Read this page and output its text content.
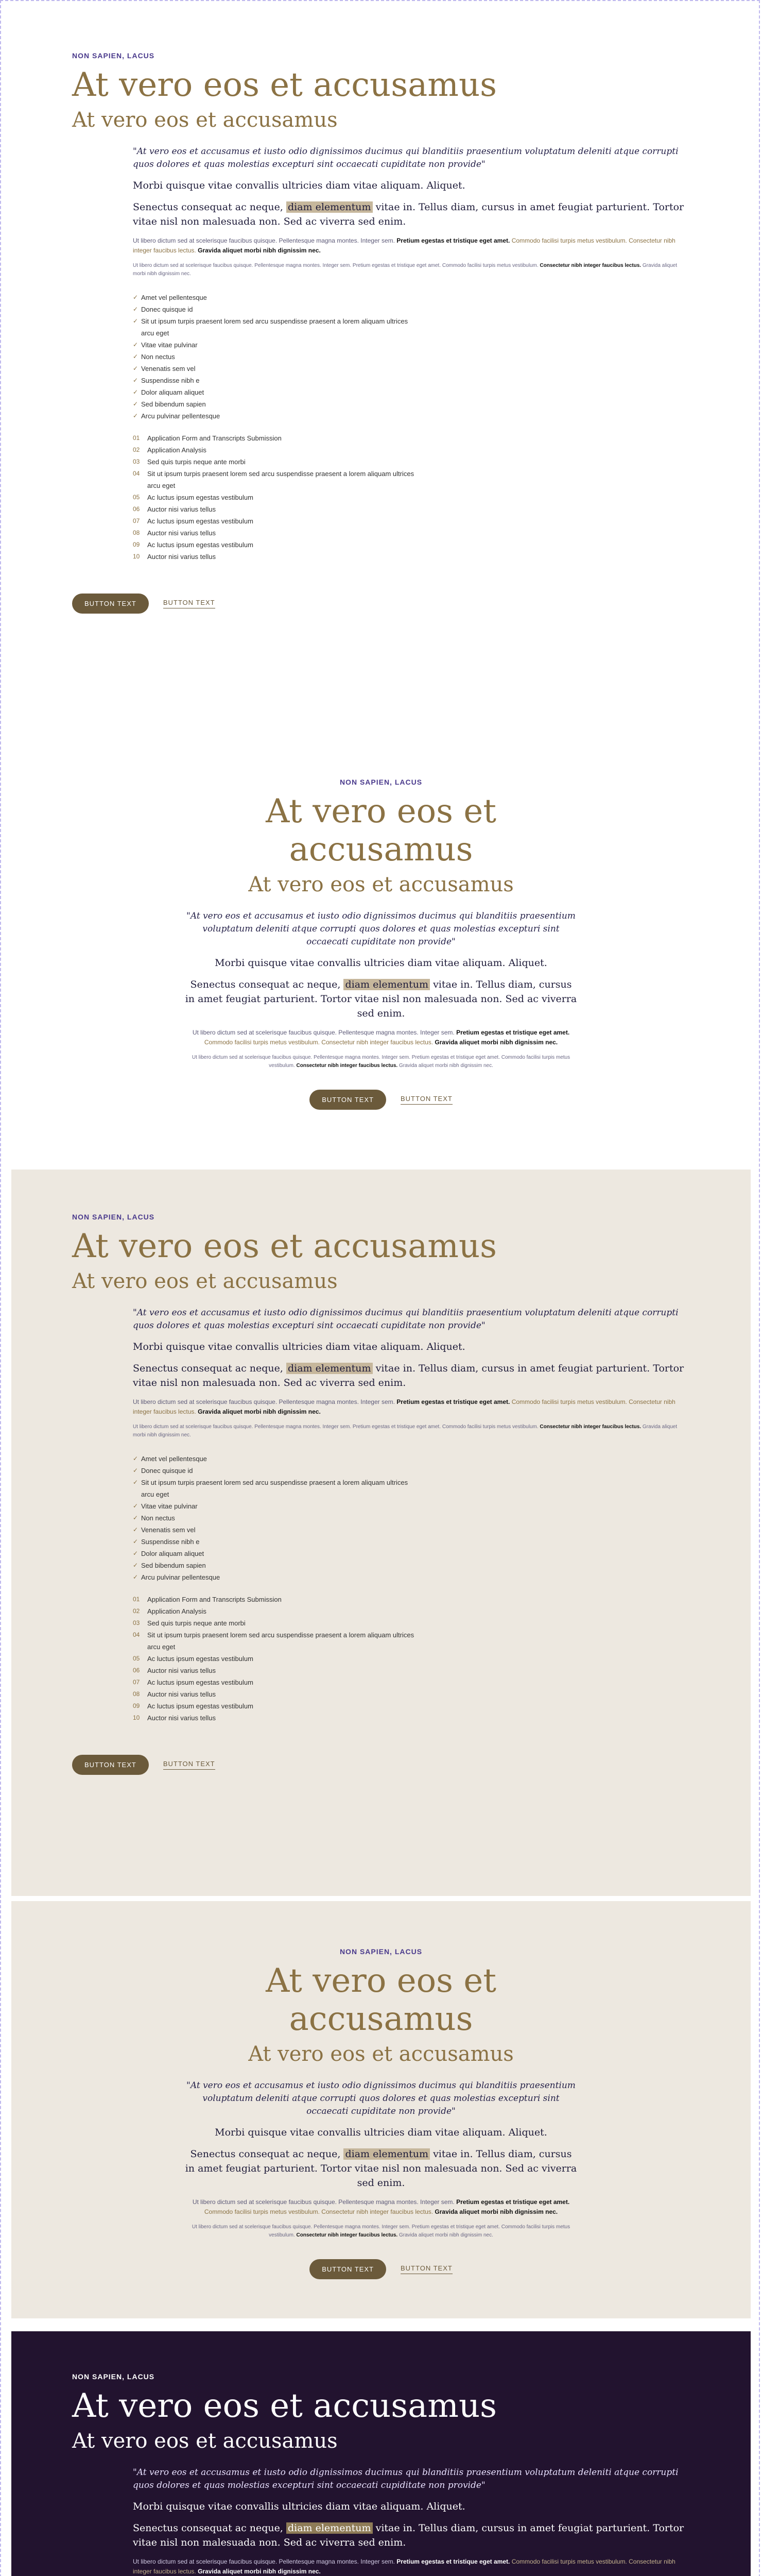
NON SAPIEN, LACUS
At vero eos et accusamus
At vero eos et accusamus
"At vero eos et accusamus et iusto odio dignissimos ducimus qui blanditiis praesentium voluptatum deleniti atque corrupti quos dolores et quas molestias excepturi sint occaecati cupiditate non provide"
Morbi quisque vitae convallis ultricies diam vitae aliquam. Aliquet.
Senectus consequat ac neque, diam elementum vitae in. Tellus diam, cursus in amet feugiat parturient. Tortor vitae nisl non malesuada non. Sed ac viverra sed enim.
Ut libero dictum sed at scelerisque faucibus quisque. Pellentesque magna montes. Integer sem. Pretium egestas et tristique eget amet. Commodo facilisi turpis metus vestibulum. Consectetur nibh integer faucibus lectus. Gravida aliquet morbi nibh dignissim nec.
Ut libero dictum sed at scelerisque faucibus quisque. Pellentesque magna montes. Integer sem. Pretium egestas et tristique eget amet. Commodo facilisi turpis metus vestibulum. Consectetur nibh integer faucibus lectus. Gravida aliquet morbi nibh dignissim nec.
✓ Amet vel pellentesque
✓ Donec quisque id
✓ Sit ut ipsum turpis praesent lorem sed arcu suspendisse praesent a lorem aliquam ultrices arcu eget
✓ Vitae vitae pulvinar
✓ Non nectus
✓ Venenatis sem vel
✓ Suspendisse nibh e
✓ Dolor aliquam aliquet
✓ Sed bibendum sapien
✓ Arcu pulvinar pellentesque
01 Application Form and Transcripts Submission
02 Application Analysis
03 Sed quis turpis neque ante morbi
04 Sit ut ipsum turpis praesent lorem sed arcu suspendisse praesent a lorem aliquam ultrices arcu eget
05 Ac luctus ipsum egestas vestibulum
06 Auctor nisi varius tellus
07 Ac luctus ipsum egestas vestibulum
08 Auctor nisi varius tellus
09 Ac luctus ipsum egestas vestibulum
10 Auctor nisi varius tellus
BUTTON TEXT	BUTTON TEXT
NON SAPIEN, LACUS
At vero eos et accusamus
At vero eos et accusamus
"At vero eos et accusamus et iusto odio dignissimos ducimus qui blanditiis praesentium voluptatum deleniti atque corrupti quos dolores et quas molestias excepturi sint occaecati cupiditate non provide"
Morbi quisque vitae convallis ultricies diam vitae aliquam. Aliquet.
Senectus consequat ac neque, diam elementum vitae in. Tellus diam, cursus in amet feugiat parturient. Tortor vitae nisl non malesuada non. Sed ac viverra sed enim.
Ut libero dictum sed at scelerisque faucibus quisque. Pellentesque magna montes. Integer sem. Pretium egestas et tristique eget amet. Commodo facilisi turpis metus vestibulum. Consectetur nibh integer faucibus lectus. Gravida aliquet morbi nibh dignissim nec.
Ut libero dictum sed at scelerisque faucibus quisque. Pellentesque magna montes. Integer sem. Pretium egestas et tristique eget amet. Commodo facilisi turpis metus vestibulum. Consectetur nibh integer faucibus lectus. Gravida aliquet morbi nibh dignissim nec.
BUTTON TEXT	BUTTON TEXT
NON SAPIEN, LACUS
At vero eos et accusamus
At vero eos et accusamus
"At vero eos et accusamus et iusto odio dignissimos ducimus qui blanditiis praesentium voluptatum deleniti atque corrupti quos dolores et quas molestias excepturi sint occaecati cupiditate non provide"
Morbi quisque vitae convallis ultricies diam vitae aliquam. Aliquet.
Senectus consequat ac neque, diam elementum vitae in. Tellus diam, cursus in amet feugiat parturient. Tortor vitae nisl non malesuada non. Sed ac viverra sed enim.
Ut libero dictum sed at scelerisque faucibus quisque. Pellentesque magna montes. Integer sem. Pretium egestas et tristique eget amet. Commodo facilisi turpis metus vestibulum. Consectetur nibh integer faucibus lectus. Gravida aliquet morbi nibh dignissim nec.
Ut libero dictum sed at scelerisque faucibus quisque. Pellentesque magna montes. Integer sem. Pretium egestas et tristique eget amet. Commodo facilisi turpis metus vestibulum. Consectetur nibh integer faucibus lectus. Gravida aliquet morbi nibh dignissim nec.
✓ Amet vel pellentesque
✓ Donec quisque id
✓ Sit ut ipsum turpis praesent lorem sed arcu suspendisse praesent a lorem aliquam ultrices arcu eget
✓ Vitae vitae pulvinar
✓ Non nectus
✓ Venenatis sem vel
✓ Suspendisse nibh e
✓ Dolor aliquam aliquet
✓ Sed bibendum sapien
✓ Arcu pulvinar pellentesque
01 Application Form and Transcripts Submission
02 Application Analysis
03 Sed quis turpis neque ante morbi
04 Sit ut ipsum turpis praesent lorem sed arcu suspendisse praesent a lorem aliquam ultrices arcu eget
05 Ac luctus ipsum egestas vestibulum
06 Auctor nisi varius tellus
07 Ac luctus ipsum egestas vestibulum
08 Auctor nisi varius tellus
09 Ac luctus ipsum egestas vestibulum
10 Auctor nisi varius tellus
BUTTON TEXT	BUTTON TEXT
NON SAPIEN, LACUS
At vero eos et accusamus
At vero eos et accusamus
"At vero eos et accusamus et iusto odio dignissimos ducimus qui blanditiis praesentium voluptatum deleniti atque corrupti quos dolores et quas molestias excepturi sint occaecati cupiditate non provide"
Morbi quisque vitae convallis ultricies diam vitae aliquam. Aliquet.
Senectus consequat ac neque, diam elementum vitae in. Tellus diam, cursus in amet feugiat parturient. Tortor vitae nisl non malesuada non. Sed ac viverra sed enim.
Ut libero dictum sed at scelerisque faucibus quisque. Pellentesque magna montes. Integer sem. Pretium egestas et tristique eget amet. Commodo facilisi turpis metus vestibulum. Consectetur nibh integer faucibus lectus. Gravida aliquet morbi nibh dignissim nec.
Ut libero dictum sed at scelerisque faucibus quisque. Pellentesque magna montes. Integer sem. Pretium egestas et tristique eget amet. Commodo facilisi turpis metus vestibulum. Consectetur nibh integer faucibus lectus. Gravida aliquet morbi nibh dignissim nec.
BUTTON TEXT	BUTTON TEXT
NON SAPIEN, LACUS
At vero eos et accusamus
At vero eos et accusamus
"At vero eos et accusamus et iusto odio dignissimos ducimus qui blanditiis praesentium voluptatum deleniti atque corrupti quos dolores et quas molestias excepturi sint occaecati cupiditate non provide"
Morbi quisque vitae convallis ultricies diam vitae aliquam. Aliquet.
Senectus consequat ac neque, diam elementum vitae in. Tellus diam, cursus in amet feugiat parturient. Tortor vitae nisl non malesuada non. Sed ac viverra sed enim.
Ut libero dictum sed at scelerisque faucibus quisque. Pellentesque magna montes. Integer sem. Pretium egestas et tristique eget amet. Commodo facilisi turpis metus vestibulum. Consectetur nibh integer faucibus lectus. Gravida aliquet morbi nibh dignissim nec.
